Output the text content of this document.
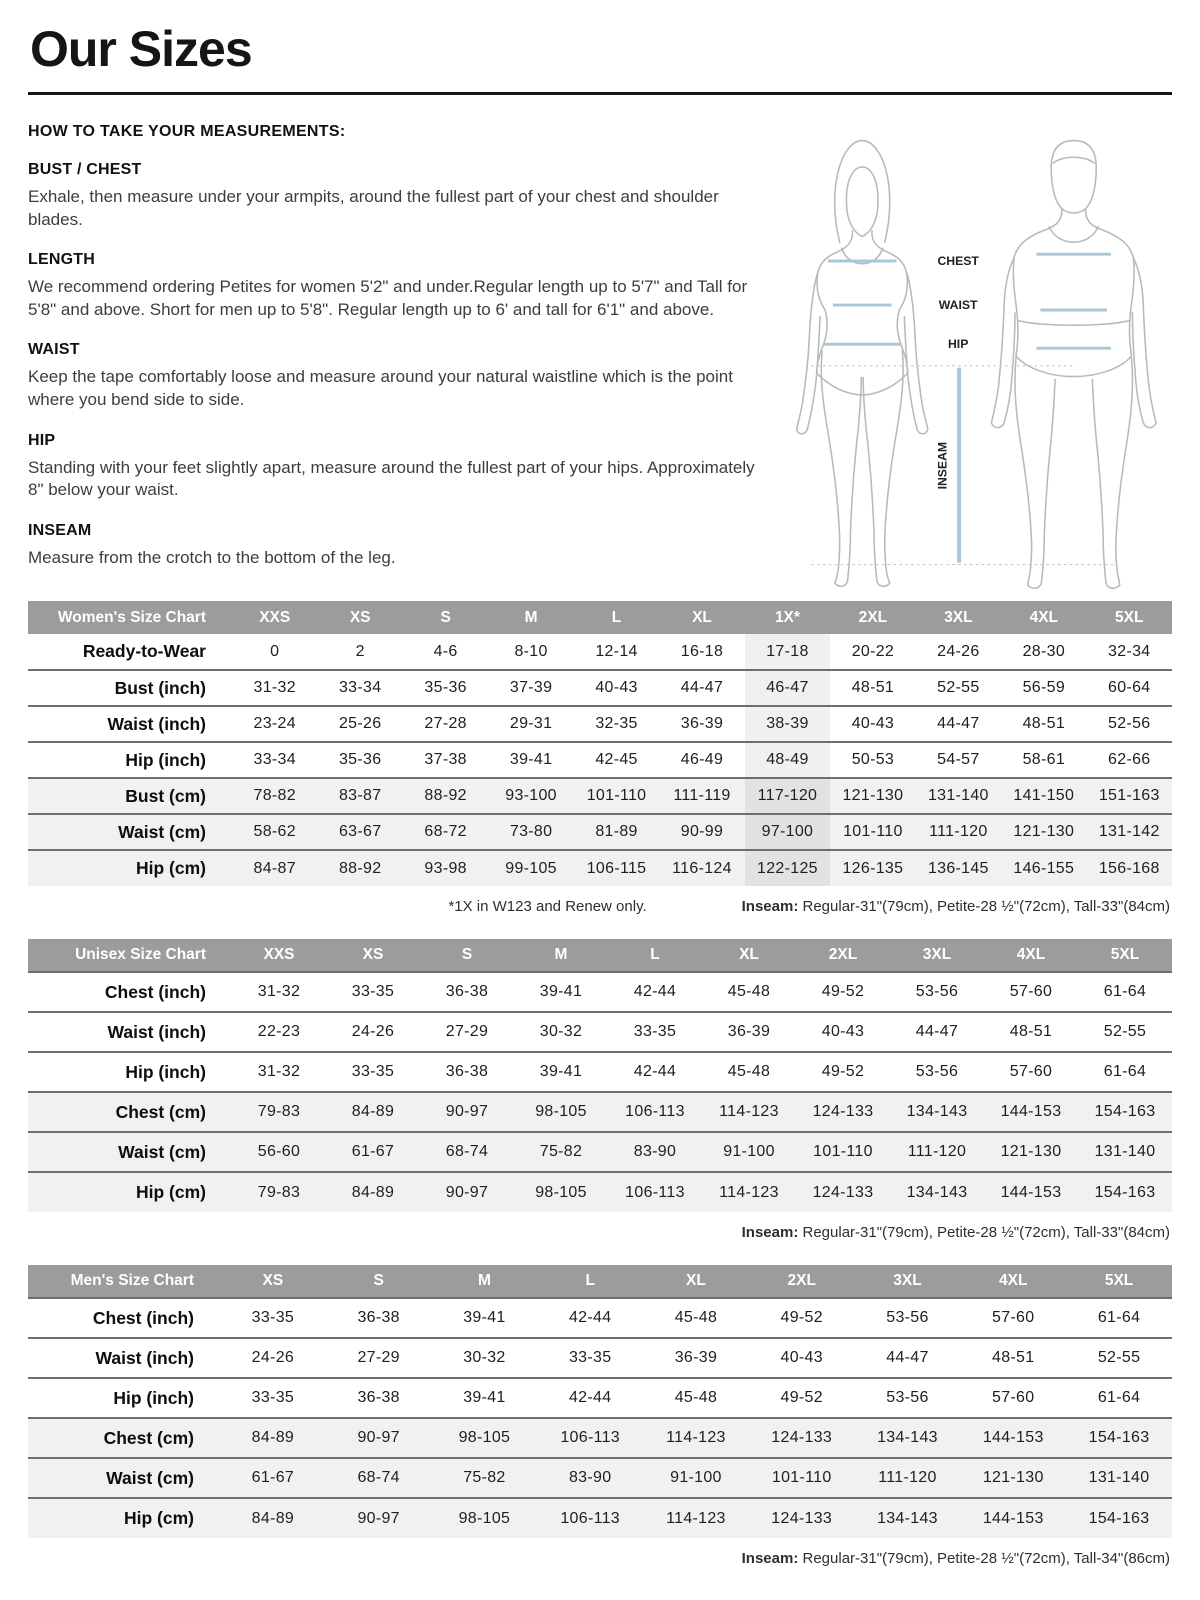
Our Sizes
HOW TO TAKE YOUR MEASUREMENTS:
BUST / CHEST

Exhale, then measure under your armpits, around the fullest part of your chest and shoulder blades.

LENGTH

We recommend ordering Petites for women 5'2" and under.Regular length up to 5'7" and Tall for 5'8" and above. Short for men up to 5'8". Regular length up to 6' and tall for 6'1" and above.

WAIST

Keep the tape comfortably loose and measure around your natural waistline which is the point where you bend side to side.

HIP

Standing with your feet slightly apart, measure around the fullest part of your hips. Approximately 8" below your waist.

INSEAM

Measure from the crotch to the bottom of the leg.

CHEST
WAIST
HIP
INSEAM
Women's Size Chart	XXS	XS	S	M	L	XL	1X*	2XL	3XL	4XL	5XL
Ready-to-Wear	0	2	4-6	8-10	12-14	16-18	17-18	20-22	24-26	28-30	32-34
Bust (inch)	31-32	33-34	35-36	37-39	40-43	44-47	46-47	48-51	52-55	56-59	60-64
Waist (inch)	23-24	25-26	27-28	29-31	32-35	36-39	38-39	40-43	44-47	48-51	52-56
Hip (inch)	33-34	35-36	37-38	39-41	42-45	46-49	48-49	50-53	54-57	58-61	62-66
Bust (cm)	78-82	83-87	88-92	93-100	101-110	111-119	117-120	121-130	131-140	141-150	151-163
Waist (cm)	58-62	63-67	68-72	73-80	81-89	90-99	97-100	101-110	111-120	121-130	131-142
Hip (cm)	84-87	88-92	93-98	99-105	106-115	116-124	122-125	126-135	136-145	146-155	156-168
*1X in W123 and Renew only.	Inseam: Regular-31"(79cm), Petite-28 ½"(72cm), Tall-33"(84cm)
Unisex Size Chart	XXS	XS	S	M	L	XL	2XL	3XL	4XL	5XL
Chest (inch)	31-32	33-35	36-38	39-41	42-44	45-48	49-52	53-56	57-60	61-64
Waist (inch)	22-23	24-26	27-29	30-32	33-35	36-39	40-43	44-47	48-51	52-55
Hip (inch)	31-32	33-35	36-38	39-41	42-44	45-48	49-52	53-56	57-60	61-64
Chest (cm)	79-83	84-89	90-97	98-105	106-113	114-123	124-133	134-143	144-153	154-163
Waist (cm)	56-60	61-67	68-74	75-82	83-90	91-100	101-110	111-120	121-130	131-140
Hip (cm)	79-83	84-89	90-97	98-105	106-113	114-123	124-133	134-143	144-153	154-163
Inseam: Regular-31"(79cm), Petite-28 ½"(72cm), Tall-33"(84cm)
Men's Size Chart	XS	S	M	L	XL	2XL	3XL	4XL	5XL
Chest (inch)	33-35	36-38	39-41	42-44	45-48	49-52	53-56	57-60	61-64
Waist (inch)	24-26	27-29	30-32	33-35	36-39	40-43	44-47	48-51	52-55
Hip (inch)	33-35	36-38	39-41	42-44	45-48	49-52	53-56	57-60	61-64
Chest (cm)	84-89	90-97	98-105	106-113	114-123	124-133	134-143	144-153	154-163
Waist (cm)	61-67	68-74	75-82	83-90	91-100	101-110	111-120	121-130	131-140
Hip (cm)	84-89	90-97	98-105	106-113	114-123	124-133	134-143	144-153	154-163
Inseam: Regular-31"(79cm), Petite-28 ½"(72cm), Tall-34"(86cm)
